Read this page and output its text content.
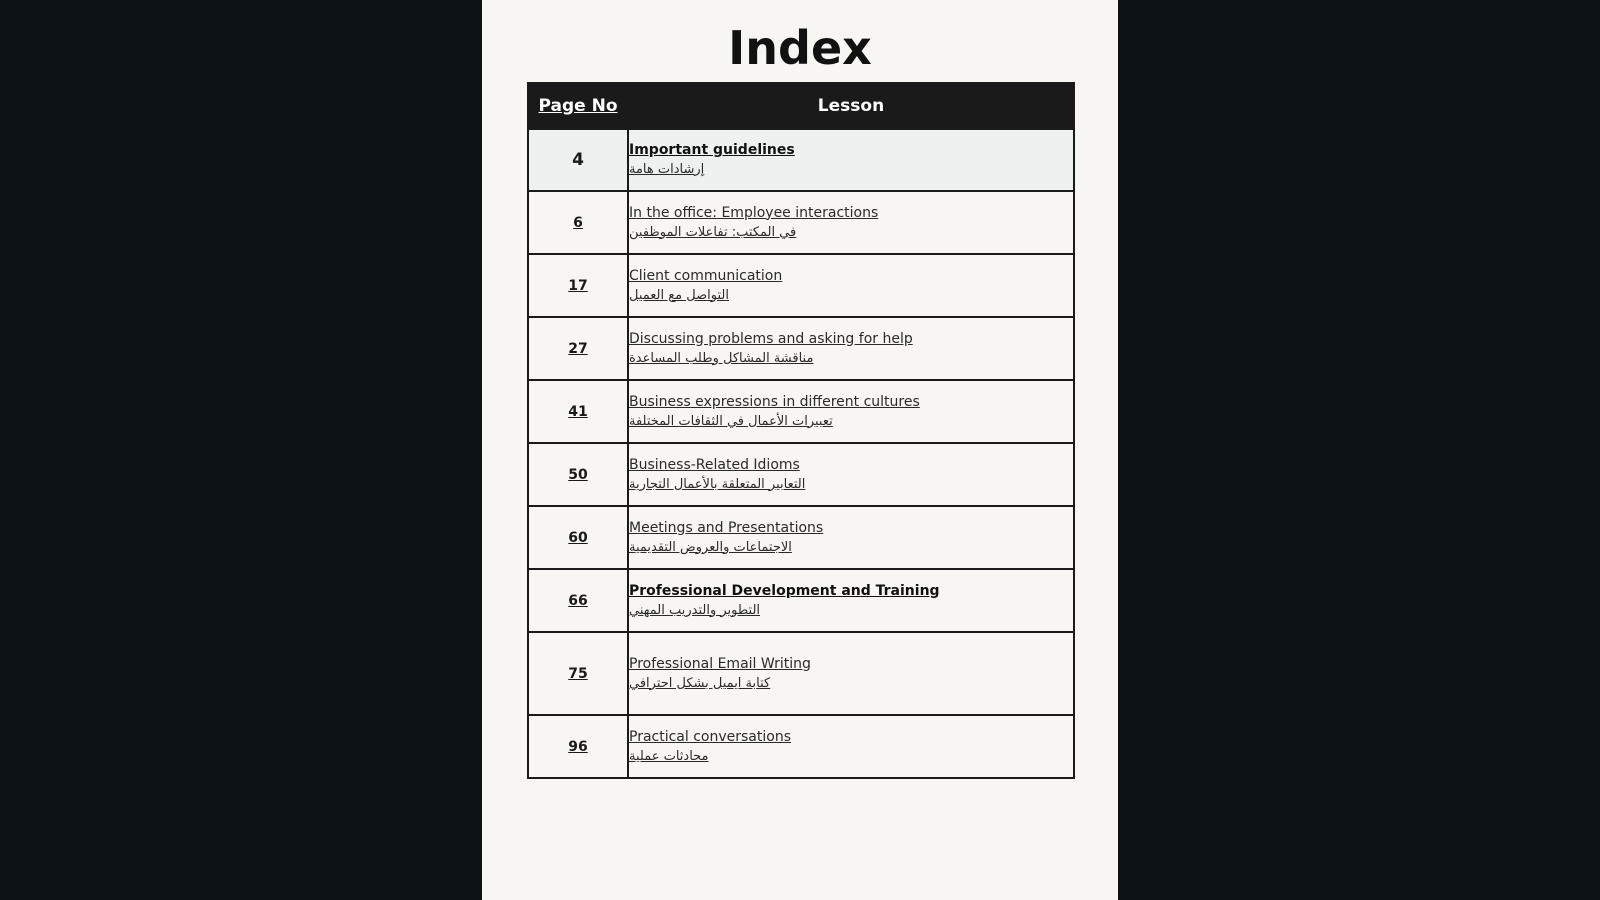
Index
Page No	Lesson
4	Important guidelines
إرشادات هامة

6	In the office: Employee interactions
في المكتب: تفاعلات الموظفين

17	Client communication
التواصل مع العميل

27	Discussing problems and asking for help
مناقشة المشاكل وطلب المساعدة

41	Business expressions in different cultures
تعبيرات الأعمال في الثقافات المختلفة

50	Business-Related Idioms
التعابير المتعلقة بالأعمال التجارية

60	Meetings and Presentations
الاجتماعات والعروض التقديمية

66	Professional Development and Training
التطوير والتدريب المهني

75	Professional Email Writing
كتابة ايميل بشكل احترافي

96	Practical conversations
محادثات عملية
